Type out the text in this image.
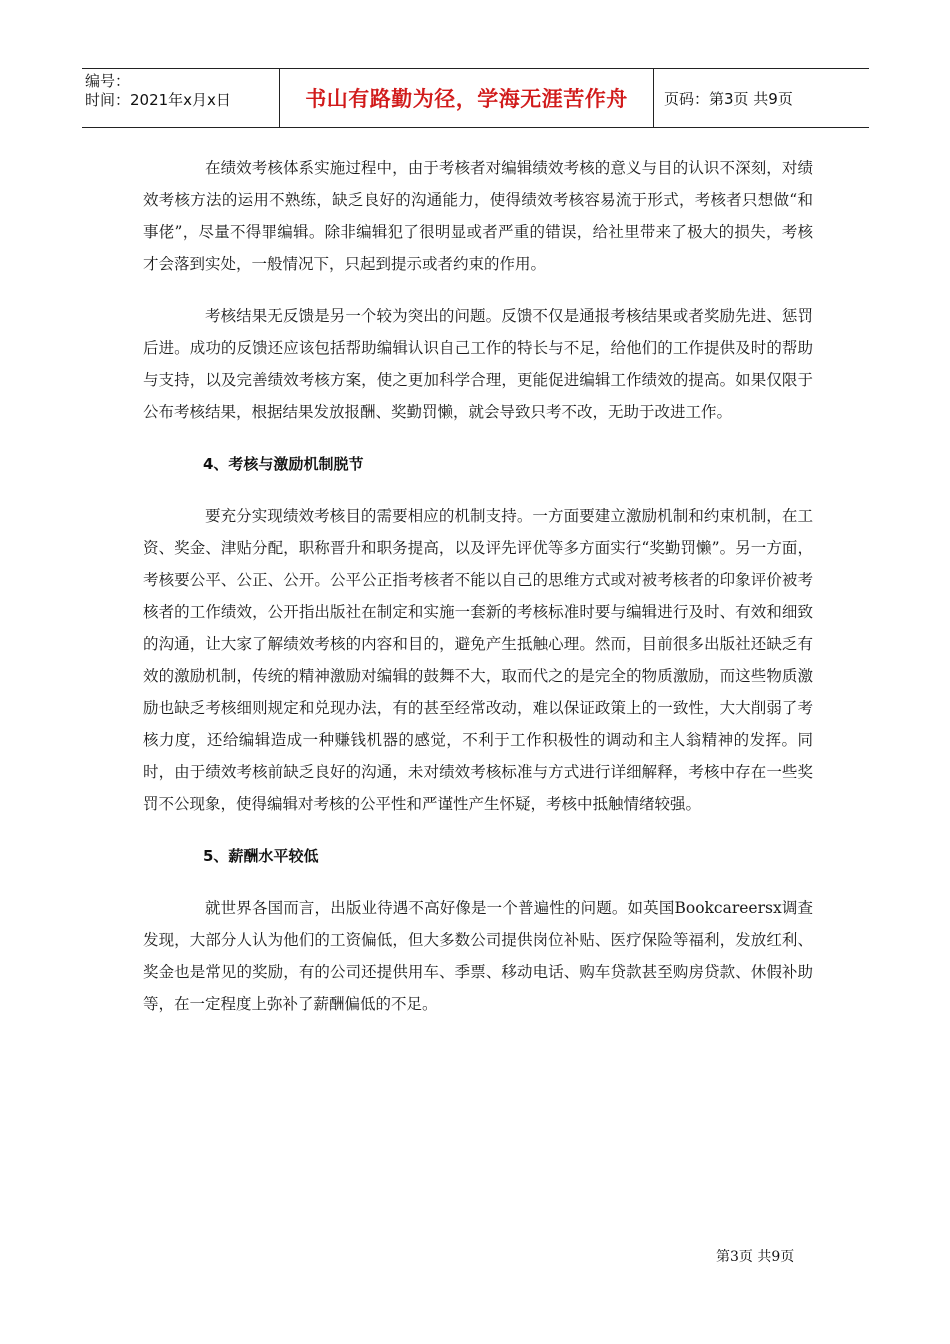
编号：
时间：2021年x月x日	书山有路勤为径，学海无涯苦作舟	页码：第3页 共9页

在绩效考核体系实施过程中，由于考核者对编辑绩效考核的意义与目的认识不深刻，对绩效考核方法的运用不熟练，缺乏良好的沟通能力，使得绩效考核容易流于形式，考核者只想做“和事佬”，尽量不得罪编辑。除非编辑犯了很明显或者严重的错误，给社里带来了极大的损失，考核才会落到实处，一般情况下，只起到提示或者约束的作用。

考核结果无反馈是另一个较为突出的问题。反馈不仅是通报考核结果或者奖励先进、惩罚后进。成功的反馈还应该包括帮助编辑认识自己工作的特长与不足，给他们的工作提供及时的帮助与支持，以及完善绩效考核方案，使之更加科学合理，更能促进编辑工作绩效的提高。如果仅限于公布考核结果，根据结果发放报酬、奖勤罚懒，就会导致只考不改，无助于改进工作。

4、考核与激励机制脱节

要充分实现绩效考核目的需要相应的机制支持。一方面要建立激励机制和约束机制，在工资、奖金、津贴分配，职称晋升和职务提高，以及评先评优等多方面实行“奖勤罚懒”。另一方面，考核要公平、公正、公开。公平公正指考核者不能以自己的思维方式或对被考核者的印象评价被考核者的工作绩效，公开指出版社在制定和实施一套新的考核标准时要与编辑进行及时、有效和细致的沟通，让大家了解绩效考核的内容和目的，避免产生抵触心理。然而，目前很多出版社还缺乏有效的激励机制，传统的精神激励对编辑的鼓舞不大，取而代之的是完全的物质激励，而这些物质激励也缺乏考核细则规定和兑现办法，有的甚至经常改动，难以保证政策上的一致性，大大削弱了考核力度，还给编辑造成一种赚钱机器的感觉，不利于工作积极性的调动和主人翁精神的发挥。同时，由于绩效考核前缺乏良好的沟通，未对绩效考核标准与方式进行详细解释，考核中存在一些奖罚不公现象，使得编辑对考核的公平性和严谨性产生怀疑，考核中抵触情绪较强。

5、薪酬水平较低

就世界各国而言，出版业待遇不高好像是一个普遍性的问题。如英国Bookcareersx调查发现，大部分人认为他们的工资偏低，但大多数公司提供岗位补贴、医疗保险等福利，发放红利、奖金也是常见的奖励，有的公司还提供用车、季票、移动电话、购车贷款甚至购房贷款、休假补助等，在一定程度上弥补了薪酬偏低的不足。

第3页 共9页
